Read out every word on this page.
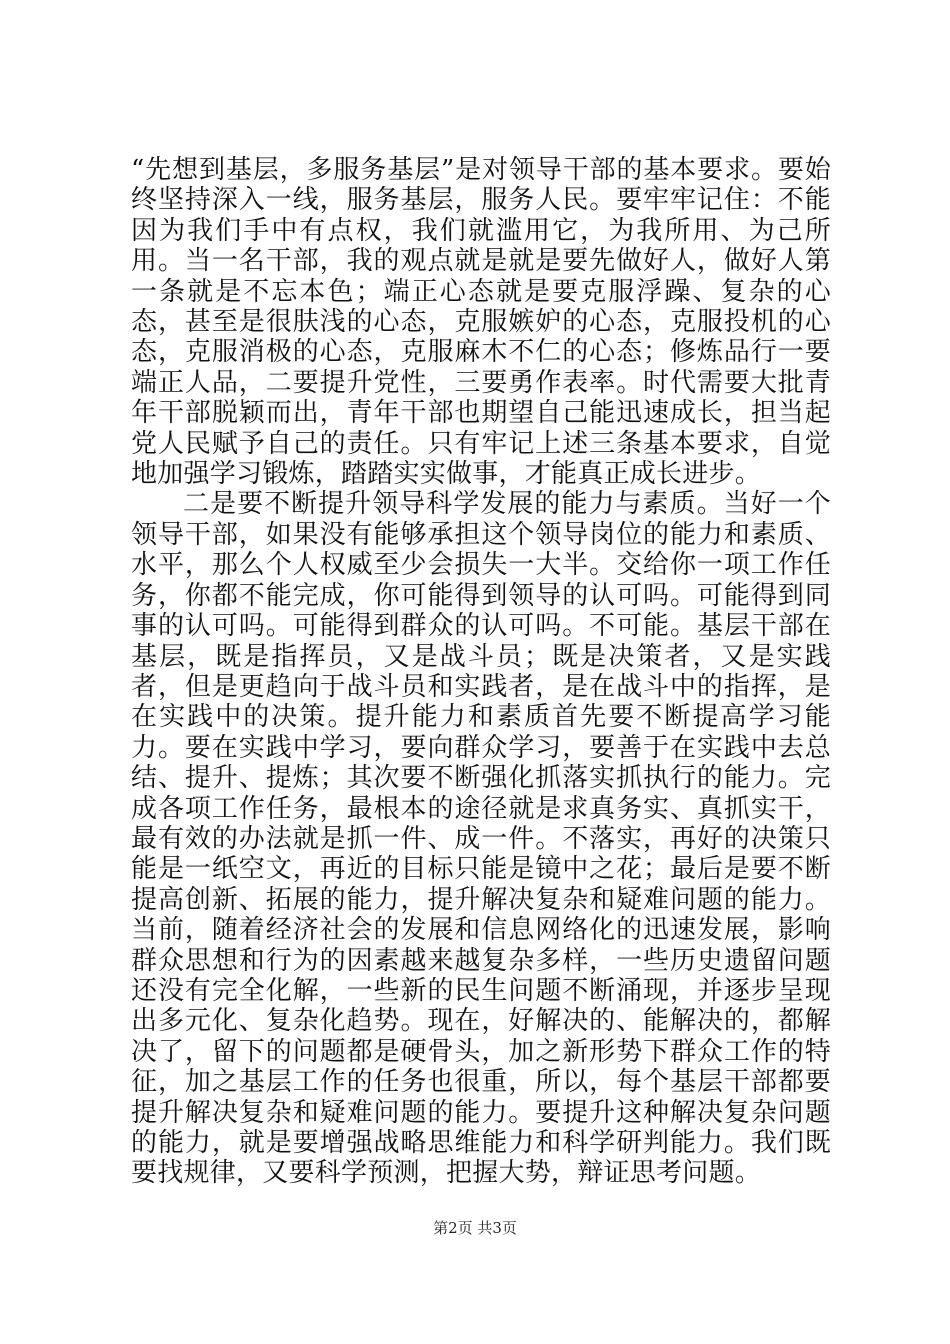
“先想到基层，多服务基层”是对领导干部的基本要求。要始终坚持深入一线，服务基层，服务人民。要牢牢记住：不能因为我们手中有点权，我们就滥用它，为我所用、为己所用。当一名干部，我的观点就是就是要先做好人，做好人第一条就是不忘本色；端正心态就是要克服浮躁、复杂的心态，甚至是很肤浅的心态，克服嫉妒的心态，克服投机的心态，克服消极的心态，克服麻木不仁的心态；修炼品行一要端正人品，二要提升党性，三要勇作表率。时代需要大批青年干部脱颖而出，青年干部也期望自己能迅速成长，担当起党人民赋予自己的责任。只有牢记上述三条基本要求，自觉地加强学习锻炼，踏踏实实做事，才能真正成长进步。

二是要不断提升领导科学发展的能力与素质。当好一个领导干部，如果没有能够承担这个领导岗位的能力和素质、水平，那么个人权威至少会损失一大半。交给你一项工作任务，你都不能完成，你可能得到领导的认可吗。可能得到同事的认可吗。可能得到群众的认可吗。不可能。基层干部在基层，既是指挥员，又是战斗员；既是决策者，又是实践者，但是更趋向于战斗员和实践者，是在战斗中的指挥，是在实践中的决策。提升能力和素质首先要不断提高学习能力。要在实践中学习，要向群众学习，要善于在实践中去总结、提升、提炼；其次要不断强化抓落实抓执行的能力。完成各项工作任务，最根本的途径就是求真务实、真抓实干，最有效的办法就是抓一件、成一件。不落实，再好的决策只能是一纸空文，再近的目标只能是镜中之花；最后是要不断提高创新、拓展的能力，提升解决复杂和疑难问题的能力。当前，随着经济社会的发展和信息网络化的迅速发展，影响群众思想和行为的因素越来越复杂多样，一些历史遗留问题还没有完全化解，一些新的民生问题不断涌现，并逐步呈现出多元化、复杂化趋势。现在，好解决的、能解决的，都解决了，留下的问题都是硬骨头，加之新形势下群众工作的特征，加之基层工作的任务也很重，所以，每个基层干部都要提升解决复杂和疑难问题的能力。要提升这种解决复杂问题的能力，就是要增强战略思维能力和科学研判能力。我们既要找规律，又要科学预测，把握大势，辩证思考问题。

第2页 共3页
